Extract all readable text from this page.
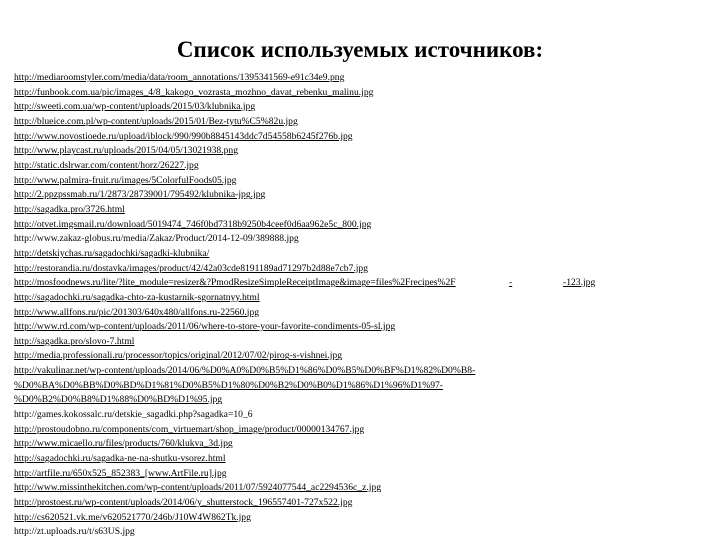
Список используемых источников:
http://mediaroomstyler.com/media/data/room_annotations/1395341569-e91c34e9.png
http://funbook.com.ua/pic/images_4/8_kakogo_vozrasta_mozhno_davat_rebenku_malinu.jpg
http://sweeti.com.ua/wp-content/uploads/2015/03/klubnika.jpg
http://blueice.com.pl/wp-content/uploads/2015/01/Bez-tytu%C5%82u.jpg
http://www.novostioede.ru/upload/iblock/990/990b8845143ddc7d54558b6245f276b.jpg
http://www.playcast.ru/uploads/2015/04/05/13021938.png
http://static.dslrwar.com/content/horz/26227.jpg
http://www.palmira-fruit.ru/images/5ColorfulFoods05.jpg
http://2.ppzpssmab.ru/1/2873/28739001/795492/klubnika-jpg.jpg
http://sagadka.pro/3726.html
http://otvet.imgsmail.ru/download/5019474_746f0bd7318b9250b4ceef0d6aa962e5c_800.jpg
http://www.zakaz-globus.ru/media/Zakaz/Product/2014-12-09/389888.jpg
http://detskiychas.ru/sagadochki/sagadki-klubnika/
http://restorandia.ru/dostavka/images/product/42/42a03cde8191189ad71297b2d88e7cb7.jpg
http://mosfoodnews.ru/lite/?lite_module=resizer&?PmodResizeSimpleReceiptImage&image=files%2Frecipes%2F
http://sagadochki.ru/sagadka-chto-za-kustarnik-sgornatnyy.html
http://www.allfons.ru/pic/201303/640x480/allfons.ru-22560.jpg
http://www.rd.com/wp-content/uploads/2011/06/where-to-store-your-favorite-condiments-05-sl.jpg
http://sagadka.pro/slovo-7.html
http://media.professionali.ru/processor/topics/original/2012/07/02/pirog-s-vishnei.jpg
http://vakulinar.net/wp-content/uploads/2014/06/%D0%A0%D0%B5%D1%86%D0%B5%D0%BF%D1%82%D0%B8-
%D0%BA%D0%BB%D0%BD%D1%81%D0%B5%D1%80%D0%B2%D0%B0%D1%86%D1%96%D1%97-
%D0%B2%D0%B8%D1%88%D0%BD%D1%95.jpg
http://games.kokossalc.ru/detskie_sagadki.php?sagadka=10_6
http://prostoudobno.ru/components/com_virtuemart/shop_image/product/00000134767.jpg
http://www.micaello.ru/files/products/760/klukva_3d.jpg
http://sagadochki.ru/sagadka-ne-na-shutku-vsorez.html
http://artfile.ru/650x525_852383_[www.ArtFile.ru].jpg
http://www.missinthekitchen.com/wp-content/uploads/2011/07/5924077544_ac2294536c_z.jpg
http://prostoest.ru/wp-content/uploads/2014/06/y_shutterstock_196557401-727x522.jpg
http://cs620521.vk.me/v620521770/246b/J10W4W862Tk.jpg
http://zt.uploads.ru/t/s63US.jpg
-	-123.jpg
